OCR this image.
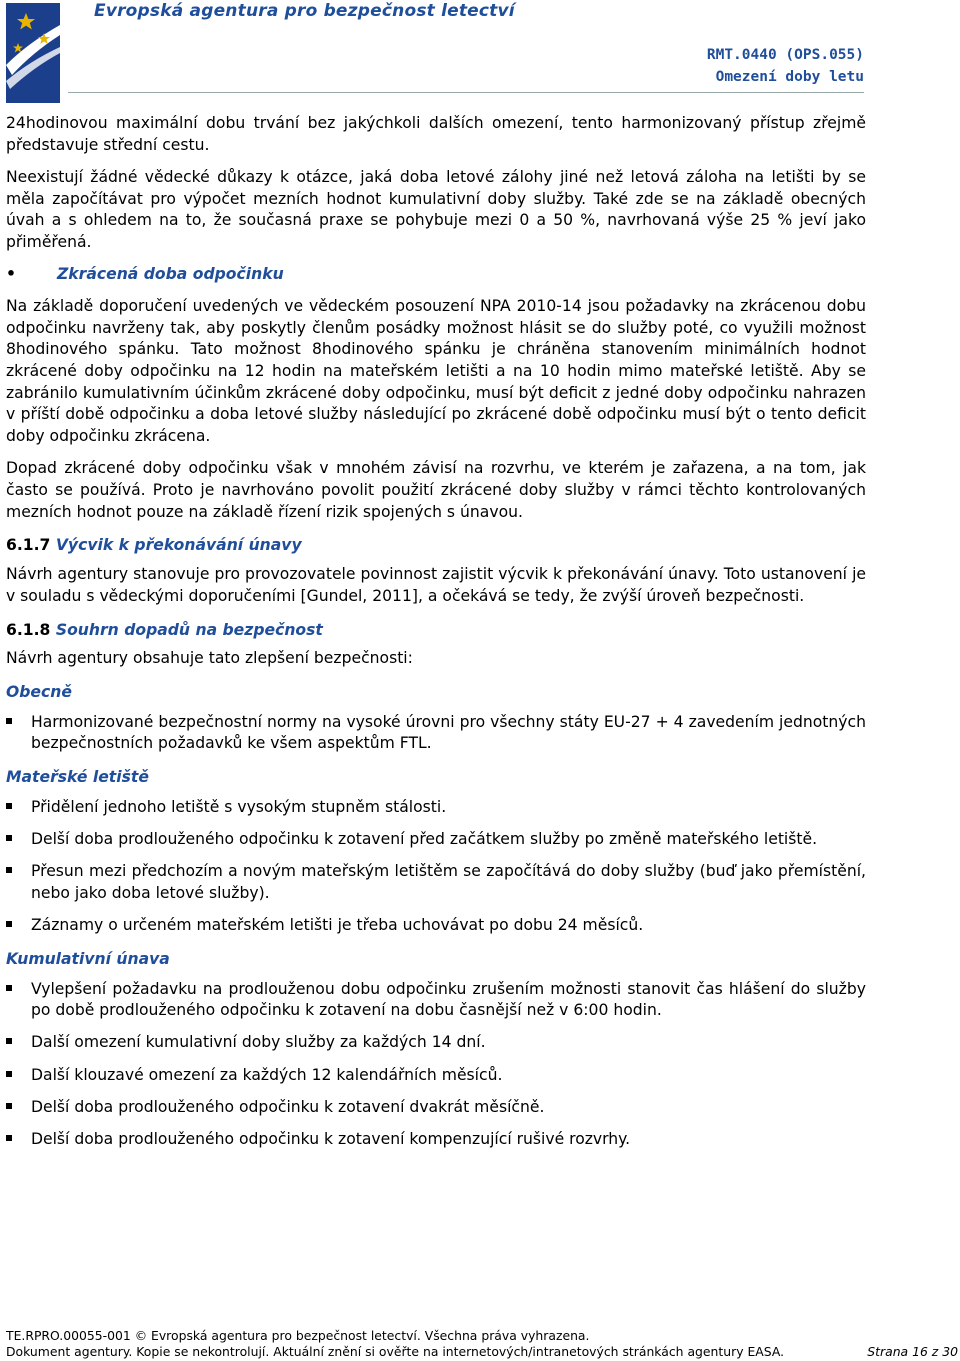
Evropská agentura pro bezpečnost letectví
RMT.0440 (OPS.055)
Omezení doby letu

24hodinovou maximální dobu trvání bez jakýchkoli dalších omezení, tento harmonizovaný přístup zřejmě představuje střední cestu.

Neexistují žádné vědecké důkazy k otázce, jaká doba letové zálohy jiné než letová záloha na letišti by se měla započítávat pro výpočet mezních hodnot kumulativní doby služby. Také zde se na základě obecných úvah a s ohledem na to, že současná praxe se pohybuje mezi 0 a 50 %, navrhovaná výše 25 % jeví jako přiměřená.

•	Zkrácená doba odpočinku

Na základě doporučení uvedených ve vědeckém posouzení NPA 2010-14 jsou požadavky na zkrácenou dobu odpočinku navrženy tak, aby poskytly členům posádky možnost hlásit se do služby poté, co využili možnost 8hodinového spánku. Tato možnost 8hodinového spánku je chráněna stanovením minimálních hodnot zkrácené doby odpočinku na 12 hodin na mateřském letišti a na 10 hodin mimo mateřské letiště. Aby se zabránilo kumulativním účinkům zkrácené doby odpočinku, musí být deficit z jedné doby odpočinku nahrazen v příští době odpočinku a doba letové služby následující po zkrácené době odpočinku musí být o tento deficit doby odpočinku zkrácena.

Dopad zkrácené doby odpočinku však v mnohém závisí na rozvrhu, ve kterém je zařazena, a na tom, jak často se používá. Proto je navrhováno povolit použití zkrácené doby služby v rámci těchto kontrolovaných mezních hodnot pouze na základě řízení rizik spojených s únavou.

6.1.7 Výcvik k překonávání únavy

Návrh agentury stanovuje pro provozovatele povinnost zajistit výcvik k překonávání únavy. Toto ustanovení je v souladu s vědeckými doporučeními [Gundel, 2011], a očekává se tedy, že zvýší úroveň bezpečnosti.

6.1.8 Souhrn dopadů na bezpečnost

Návrh agentury obsahuje tato zlepšení bezpečnosti:

Obecně
Harmonizované bezpečnostní normy na vysoké úrovni pro všechny státy EU-27 + 4 zavedením jednotných bezpečnostních požadavků ke všem aspektům FTL.
Mateřské letiště
Přidělení jednoho letiště s vysokým stupněm stálosti.
Delší doba prodlouženého odpočinku k zotavení před začátkem služby po změně mateřského letiště.
Přesun mezi předchozím a novým mateřským letištěm se započítává do doby služby (buď jako přemístění, nebo jako doba letové služby).
Záznamy o určeném mateřském letišti je třeba uchovávat po dobu 24 měsíců.
Kumulativní únava
Vylepšení požadavku na prodlouženou dobu odpočinku zrušením možnosti stanovit čas hlášení do služby po době prodlouženého odpočinku k zotavení na dobu časnější než v 6:00 hodin.
Další omezení kumulativní doby služby za každých 14 dní.
Další klouzavé omezení za každých 12 kalendářních měsíců.
Delší doba prodlouženého odpočinku k zotavení dvakrát měsíčně.
Delší doba prodlouženého odpočinku k zotavení kompenzující rušivé rozvrhy.
TE.RPRO.00055-001 © Evropská agentura pro bezpečnost letectví. Všechna práva vyhrazena.
Dokument agentury. Kopie se nekontrolují. Aktuální znění si ověřte na internetových/intranetových stránkách agentury EASA.	Strana 16 z 30
